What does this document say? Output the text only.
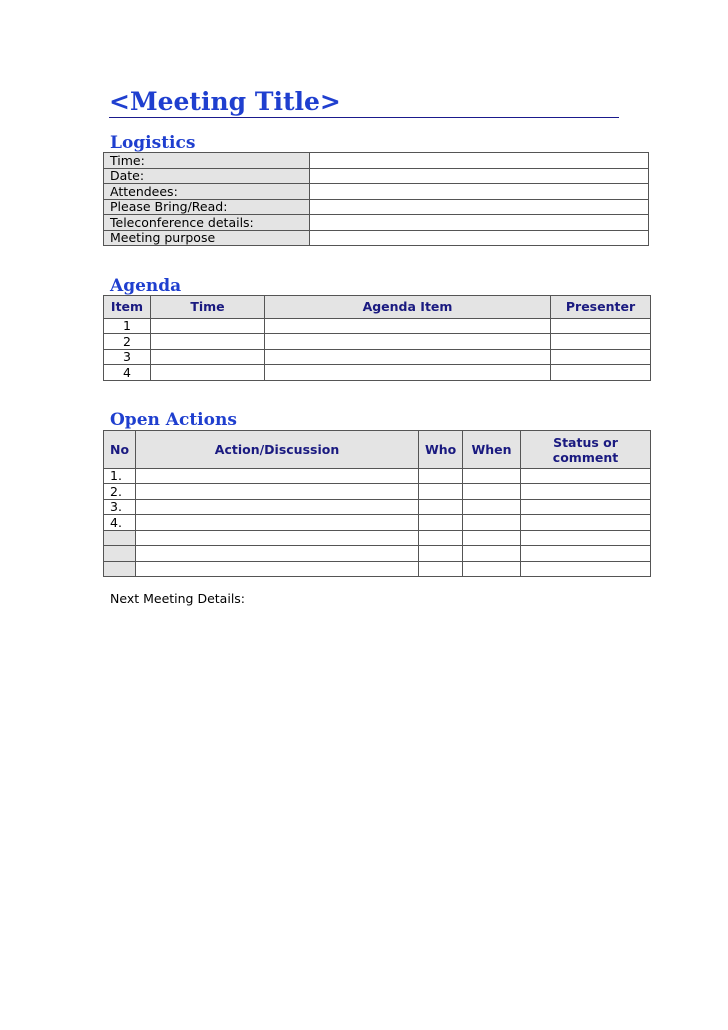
<Meeting Title>
Logistics
Time:	
Date:	
Attendees:	
Please Bring/Read:	
Teleconference details:	
Meeting purpose	
Agenda
Item	Time	Agenda Item	Presenter
1			
2			
3			
4			
Open Actions
No	Action/Discussion	Who	When	Status or comment
1.				
2.				
3.				
4.				

Next Meeting Details:
